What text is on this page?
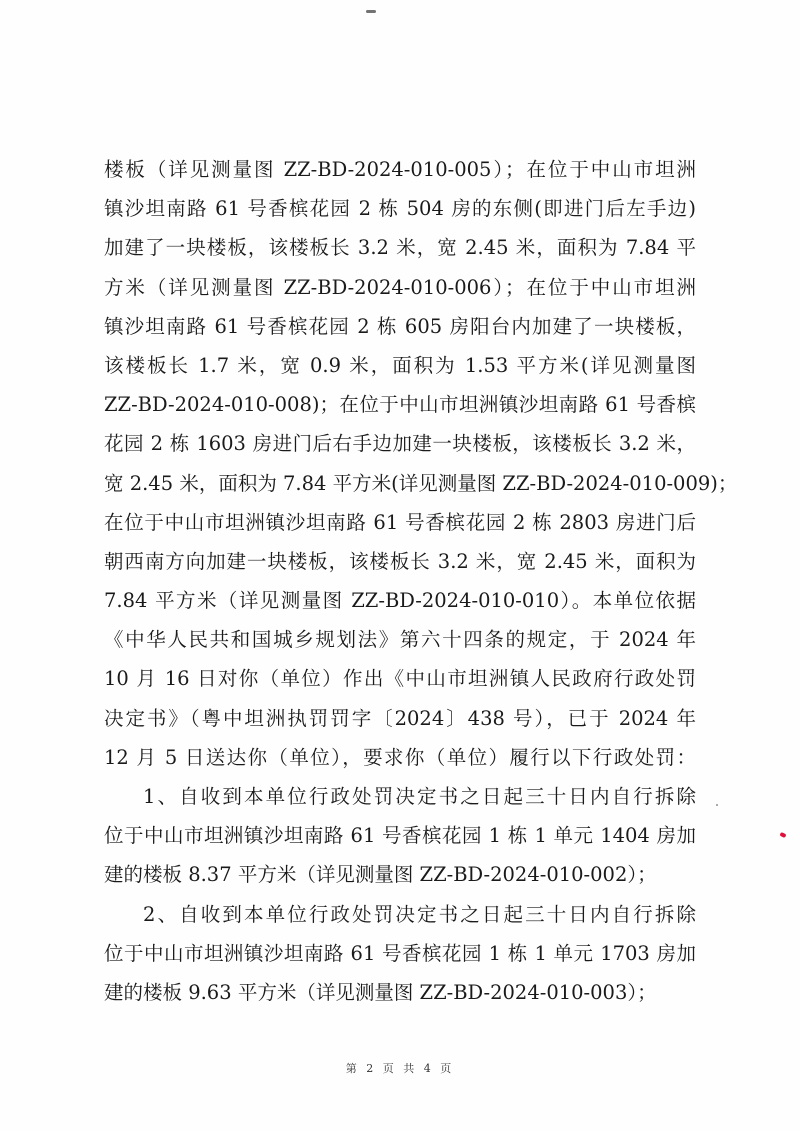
楼板（详见测量图 ZZ-BD-2024-010-005）；在位于中山市坦洲
镇沙坦南路 61 号香槟花园 2 栋 504 房的东侧(即进门后左手边)
加建了一块楼板，该楼板长 3.2 米，宽 2.45 米，面积为 7.84 平
方米（详见测量图 ZZ-BD-2024-010-006）；在位于中山市坦洲
镇沙坦南路 61 号香槟花园 2 栋 605 房阳台内加建了一块楼板，
该楼板长 1.7 米，宽 0.9 米，面积为 1.53 平方米(详见测量图
ZZ-BD-2024-010-008)；在位于中山市坦洲镇沙坦南路 61 号香槟
花园 2 栋 1603 房进门后右手边加建一块楼板，该楼板长 3.2 米，
宽 2.45 米，面积为 7.84 平方米(详见测量图 ZZ-BD-2024-010-009)；
在位于中山市坦洲镇沙坦南路 61 号香槟花园 2 栋 2803 房进门后
朝西南方向加建一块楼板，该楼板长 3.2 米，宽 2.45 米，面积为
7.84 平方米（详见测量图 ZZ-BD-2024-010-010）。本单位依据
《中华人民共和国城乡规划法》第六十四条的规定，于 2024 年
10 月 16 日对你（单位）作出《中山市坦洲镇人民政府行政处罚
决定书》（粤中坦洲执罚罚字〔2024〕438 号），已于 2024 年
12 月 5 日送达你（单位），要求你（单位）履行以下行政处罚：
1、自收到本单位行政处罚决定书之日起三十日内自行拆除
位于中山市坦洲镇沙坦南路 61 号香槟花园 1 栋 1 单元 1404 房加
建的楼板 8.37 平方米（详见测量图 ZZ-BD-2024-010-002）；
2、自收到本单位行政处罚决定书之日起三十日内自行拆除
位于中山市坦洲镇沙坦南路 61 号香槟花园 1 栋 1 单元 1703 房加
建的楼板 9.63 平方米（详见测量图 ZZ-BD-2024-010-003）；
第 2 页 共 4 页
